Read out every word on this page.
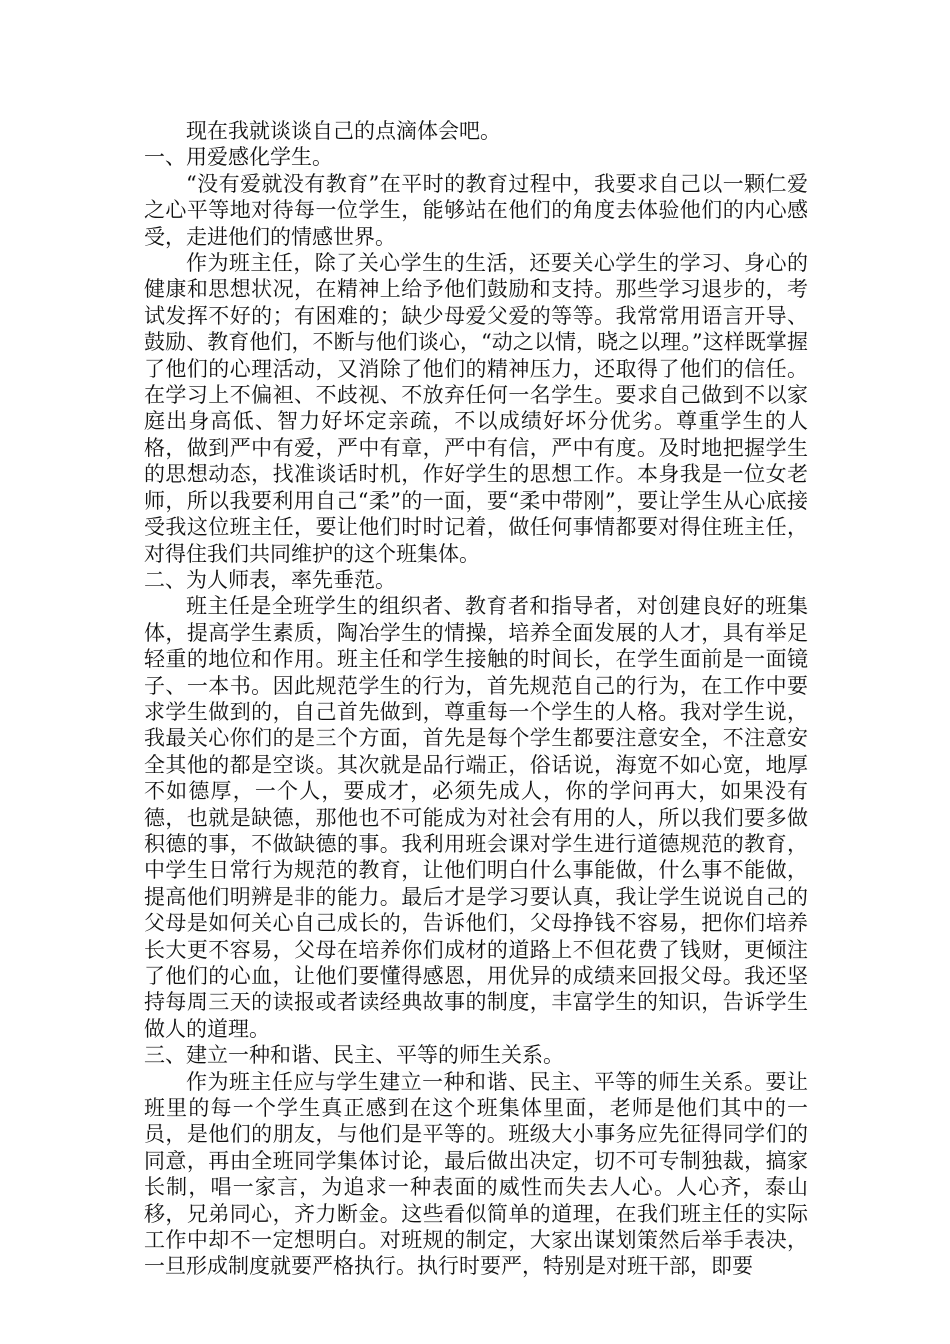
现在我就谈谈自己的点滴体会吧。

一、用爱感化学生。

“没有爱就没有教育”在平时的教育过程中，我要求自己以一颗仁爱之心平等地对待每一位学生，能够站在他们的角度去体验他们的内心感受，走进他们的情感世界。

作为班主任，除了关心学生的生活，还要关心学生的学习、身心的健康和思想状况，在精神上给予他们鼓励和支持。那些学习退步的，考试发挥不好的；有困难的；缺少母爱父爱的等等。我常常用语言开导、鼓励、教育他们，不断与他们谈心，“动之以情，晓之以理。”这样既掌握了他们的心理活动，又消除了他们的精神压力，还取得了他们的信任。在学习上不偏袒、不歧视、不放弃任何一名学生。要求自己做到不以家庭出身高低、智力好坏定亲疏，不以成绩好坏分优劣。尊重学生的人格，做到严中有爱，严中有章，严中有信，严中有度。及时地把握学生的思想动态，找准谈话时机，作好学生的思想工作。本身我是一位女老师，所以我要利用自己“柔”的一面，要“柔中带刚”，要让学生从心底接受我这位班主任，要让他们时时记着，做任何事情都要对得住班主任，对得住我们共同维护的这个班集体。

二、为人师表，率先垂范。

班主任是全班学生的组织者、教育者和指导者，对创建良好的班集体，提高学生素质，陶冶学生的情操，培养全面发展的人才，具有举足轻重的地位和作用。班主任和学生接触的时间长，在学生面前是一面镜子、一本书。因此规范学生的行为，首先规范自己的行为，在工作中要求学生做到的，自己首先做到，尊重每一个学生的人格。我对学生说，我最关心你们的是三个方面，首先是每个学生都要注意安全，不注意安全其他的都是空谈。其次就是品行端正，俗话说，海宽不如心宽，地厚不如德厚，一个人，要成才，必须先成人，你的学问再大，如果没有德，也就是缺德，那他也不可能成为对社会有用的人，所以我们要多做积德的事，不做缺德的事。我利用班会课对学生进行道德规范的教育，中学生日常行为规范的教育，让他们明白什么事能做，什么事不能做，提高他们明辨是非的能力。最后才是学习要认真，我让学生说说自己的父母是如何关心自己成长的，告诉他们，父母挣钱不容易，把你们培养长大更不容易，父母在培养你们成材的道路上不但花费了钱财，更倾注了他们的心血，让他们要懂得感恩，用优异的成绩来回报父母。我还坚持每周三天的读报或者读经典故事的制度，丰富学生的知识，告诉学生做人的道理。

三、建立一种和谐、民主、平等的师生关系。

作为班主任应与学生建立一种和谐、民主、平等的师生关系。要让班里的每一个学生真正感到在这个班集体里面，老师是他们其中的一员，是他们的朋友，与他们是平等的。班级大小事务应先征得同学们的同意，再由全班同学集体讨论，最后做出决定，切不可专制独裁，搞家长制，唱一家言，为追求一种表面的威性而失去人心。人心齐，泰山移，兄弟同心，齐力断金。这些看似简单的道理，在我们班主任的实际工作中却不一定想明白。对班规的制定，大家出谋划策然后举手表决，一旦形成制度就要严格执行。执行时要严，特别是对班干部，即要
